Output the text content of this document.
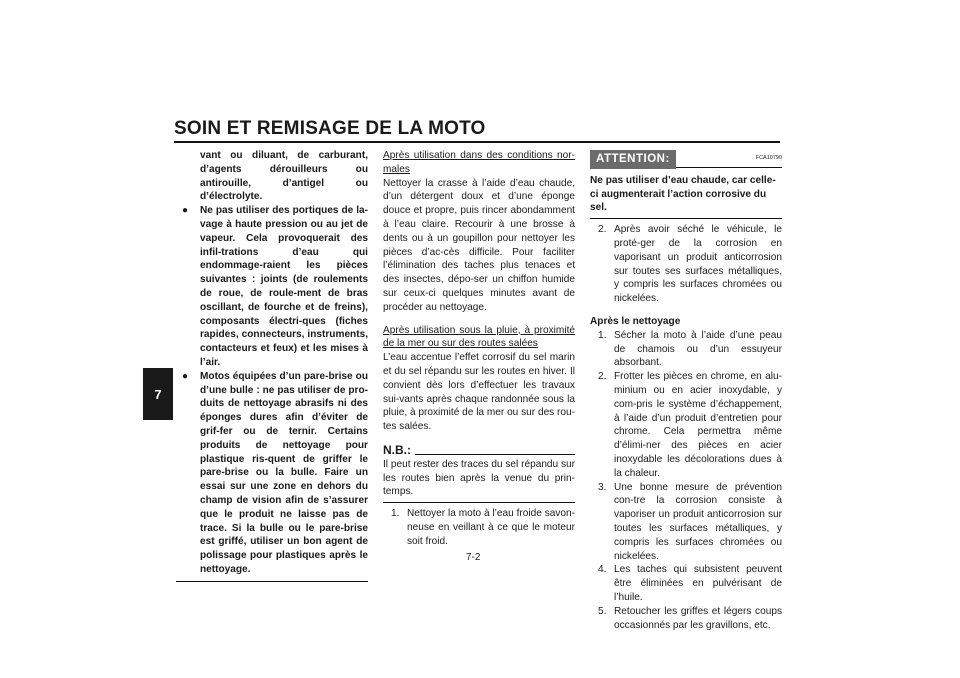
SOIN ET REMISAGE DE LA MOTO
7

vant ou diluant, de carburant, d’agents dérouilleurs ou antirouille, d’antigel ou d’électrolyte.

● Ne pas utiliser des portiques de la-vage à haute pression ou au jet de vapeur. Cela provoquerait des infil-trations d’eau qui endommage-raient les pièces suivantes : joints (de roulements de roue, de roule-ment de bras oscillant, de fourche et de freins), composants électri-ques (fiches rapides, connecteurs, instruments, contacteurs et feux) et les mises à l’air.
● Motos équipées d’un pare-brise ou d’une bulle : ne pas utiliser de pro-duits de nettoyage abrasifs ni des éponges dures afin d’éviter de grif-fer ou de ternir. Certains produits de nettoyage pour plastique ris-quent de griffer le pare-brise ou la bulle. Faire un essai sur une zone en dehors du champ de vision afin de s’assurer que le produit ne laisse pas de trace. Si la bulle ou le pare-brise est griffé, utiliser un bon agent de polissage pour plastiques après le nettoyage.

Après utilisation dans des conditions nor-males

Nettoyer la crasse à l’aide d’eau chaude, d’un détergent doux et d’une éponge douce et propre, puis rincer abondamment à l’eau claire. Recourir à une brosse à dents ou à un goupillon pour nettoyer les pièces d’ac-cès difficile. Pour faciliter l’élimination des taches plus tenaces et des insectes, dépo-ser un chiffon humide sur ceux-ci quelques minutes avant de procéder au nettoyage.

Après utilisation sous la pluie, à proximité de la mer ou sur des routes salées

L’eau accentue l’effet corrosif du sel marin et du sel répandu sur les routes en hiver. Il convient dès lors d’effectuer les travaux sui-vants après chaque randonnée sous la pluie, à proximité de la mer ou sur des rou-tes salées.

N.B.:

Il peut rester des traces du sel répandu sur les routes bien après la venue du prin-temps.

1. Nettoyer la moto à l’eau froide savon-neuse en veillant à ce que le moteur soit froid.
ATTENTION:	FCA10790

Ne pas utiliser d’eau chaude, car celle-ci augmenterait l’action corrosive du sel.

2. Après avoir séché le véhicule, le proté-ger de la corrosion en vaporisant un produit anticorrosion sur toutes ses surfaces métalliques, y compris les surfaces chromées ou nickelées.

Après le nettoyage

1. Sécher la moto à l’aide d’une peau de chamois ou d’un essuyeur absorbant.
2. Frotter les pièces en chrome, en alu-minium ou en acier inoxydable, y com-pris le système d’échappement, à l’aide d’un produit d’entretien pour chrome. Cela permettra même d’élimi-ner des pièces en acier inoxydable les décolorations dues à la chaleur.
3. Une bonne mesure de prévention con-tre la corrosion consiste à vaporiser un produit anticorrosion sur toutes les surfaces métalliques, y compris les surfaces chromées ou nickelées.
4. Les taches qui subsistent peuvent être éliminées en pulvérisant de l’huile.
5. Retoucher les griffes et légers coups occasionnés par les gravillons, etc.
7-2
